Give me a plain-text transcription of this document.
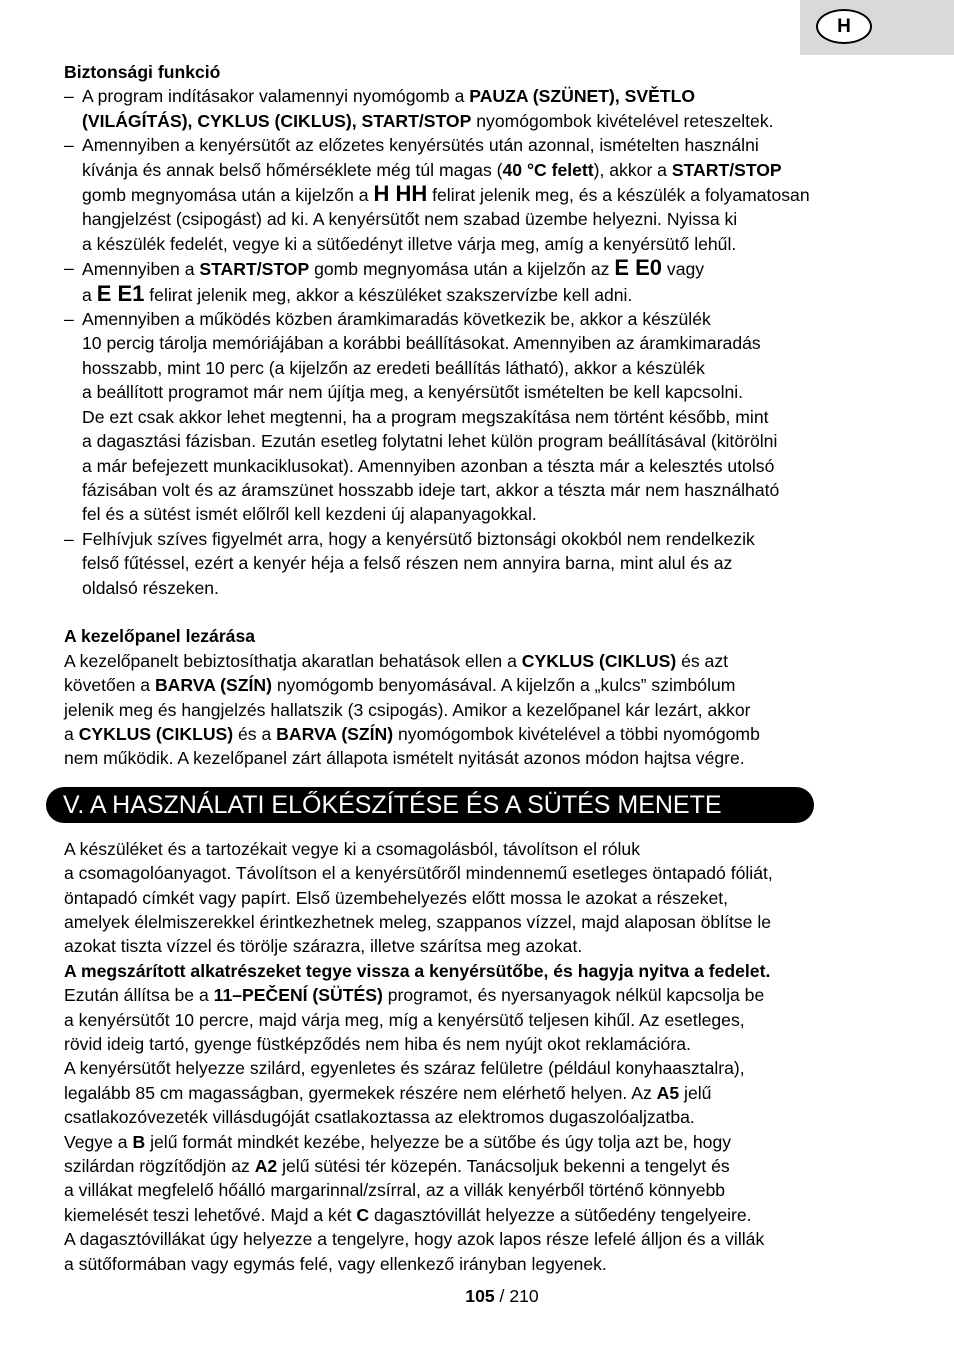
H
Biztonsági funkció
– A program indításakor valamennyi nyomógomb a PAUZA (SZÜNET), SVĚTLO
(VILÁGÍTÁS), CYKLUS (CIKLUS), START/STOP nyomógombok kivételével reteszeltek.
– Amennyiben a kenyérsütőt az előzetes kenyérsütés után azonnal, ismételten használni
kívánja és annak belső hőmérséklete még túl magas (40 °C felett), akkor a START/STOP
gomb megnyomása után a kijelzőn a H HH felirat jelenik meg, és a készülék a folyamatosan
hangjelzést (csipogást) ad ki. A kenyérsütőt nem szabad üzembe helyezni. Nyissa ki
a készülék fedelét, vegye ki a sütőedényt illetve várja meg, amíg a kenyérsütő lehűl.
– Amennyiben a START/STOP gomb megnyomása után a kijelzőn az E E0 vagy
a E E1 felirat jelenik meg, akkor a készüléket szakszervízbe kell adni.
– Amennyiben a működés közben áramkimaradás következik be, akkor a készülék
10 percig tárolja memóriájában a korábbi beállításokat. Amennyiben az áramkimaradás
hosszabb, mint 10 perc (a kijelzőn az eredeti beállítás látható), akkor a készülék
a beállított programot már nem újítja meg, a kenyérsütőt ismételten be kell kapcsolni.
De ezt csak akkor lehet megtenni, ha a program megszakítása nem történt később, mint
a dagasztási fázisban. Ezután esetleg folytatni lehet külön program beállításával (kitörölni
a már befejezett munkaciklusokat). Amennyiben azonban a tészta már a kelesztés utolsó
fázisában volt és az áramszünet hosszabb ideje tart, akkor a tészta már nem használható
fel és a sütést ismét előlről kell kezdeni új alapanyagokkal.
– Felhívjuk szíves figyelmét arra, hogy a kenyérsütő biztonsági okokból nem rendelkezik
felső fűtéssel, ezért a kenyér héja a felső részen nem annyira barna, mint alul és az
oldalsó részeken.
A kezelőpanel lezárása

A kezelőpanelt bebiztosíthatja akaratlan behatások ellen a CYKLUS (CIKLUS) és azt
követően a BARVA (SZÍN) nyomógomb benyomásával. A kijelzőn a „kulcs” szimbólum
jelenik meg és hangjelzés hallatszik (3 csipogás). Amikor a kezelőpanel kár lezárt, akkor
a CYKLUS (CIKLUS) és a BARVA (SZÍN) nyomógombok kivételével a többi nyomógomb
nem működik. A kezelőpanel zárt állapota ismételt nyitását azonos módon hajtsa végre.

V. A HASZNÁLATI ELŐKÉSZÍTÉSE ÉS A SÜTÉS MENETE

A készüléket és a tartozékait vegye ki a csomagolásból, távolítson el róluk
a csomagolóanyagot. Távolítson el a kenyérsütőről mindennemű esetleges öntapadó fóliát,
öntapadó címkét vagy papírt. Első üzembehelyezés előtt mossa le azokat a részeket,
amelyek élelmiszerekkel érintkezhetnek meleg, szappanos vízzel, majd alaposan öblítse le
azokat tiszta vízzel és törölje szárazra, illetve szárítsa meg azokat.
A megszárított alkatrészeket tegye vissza a kenyérsütőbe, és hagyja nyitva a fedelet.
Ezután állítsa be a 11–PEČENÍ (SÜTÉS) programot, és nyersanyagok nélkül kapcsolja be
a kenyérsütőt 10 percre, majd várja meg, míg a kenyérsütő teljesen kihűl. Az esetleges,
rövid ideig tartó, gyenge füstképződés nem hiba és nem nyújt okot reklamációra.
A kenyérsütőt helyezze szilárd, egyenletes és száraz felületre (például konyhaasztalra),
legalább 85 cm magasságban, gyermekek részére nem elérhető helyen. Az A5 jelű
csatlakozóvezeték villásdugóját csatlakoztassa az elektromos dugaszolóaljzatba.
Vegye a B jelű formát mindkét kezébe, helyezze be a sütőbe és úgy tolja azt be, hogy
szilárdan rögzítődjön az A2 jelű sütési tér közepén. Tanácsoljuk bekenni a tengelyt és
a villákat megfelelő hőálló margarinnal/zsírral, az a villák kenyérből történő könnyebb
kiemelését teszi lehetővé. Majd a két C dagasztóvillát helyezze a sütőedény tengelyeire.
A dagasztóvillákat úgy helyezze a tengelyre, hogy azok lapos része lefelé álljon és a villák
a sütőformában vagy egymás felé, vagy ellenkező irányban legyenek.

105 / 210
